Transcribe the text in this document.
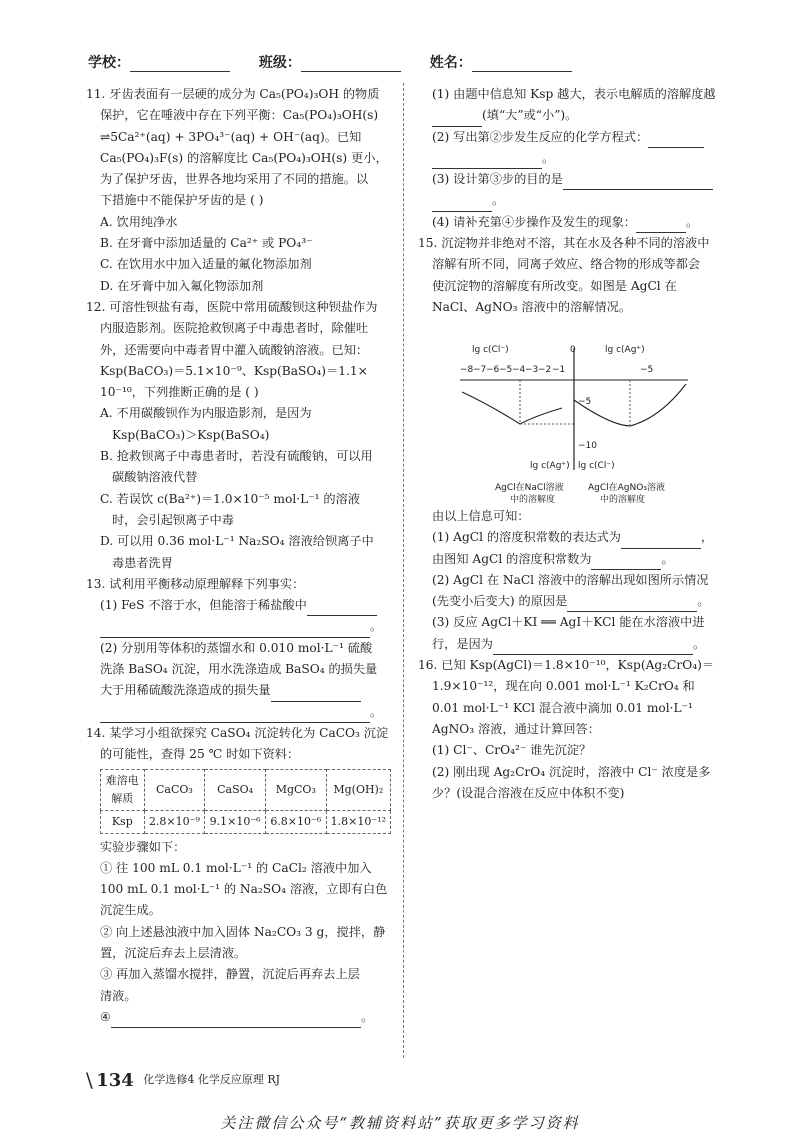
学校：	班级：	姓名：

11. 牙齿表面有一层硬的成分为 Ca₅(PO₄)₃OH 的物质

保护，它在唾液中存在下列平衡：Ca₅(PO₄)₃OH(s)

⇌5Ca²⁺(aq) + 3PO₄³⁻(aq) + OH⁻(aq)。已知

Ca₅(PO₄)₃F(s) 的溶解度比 Ca₅(PO₄)₃OH(s) 更小，

为了保护牙齿，世界各地均采用了不同的措施。以

下措施中不能保护牙齿的是 ( )

A. 饮用纯净水

B. 在牙膏中添加适量的 Ca²⁺ 或 PO₄³⁻

C. 在饮用水中加入适量的氟化物添加剂

D. 在牙膏中加入氟化物添加剂

12. 可溶性钡盐有毒，医院中常用硫酸钡这种钡盐作为

内服造影剂。医院抢救钡离子中毒患者时，除催吐

外，还需要向中毒者胃中灌入硫酸钠溶液。已知：

Ksp(BaCO₃)＝5.1×10⁻⁹、Ksp(BaSO₄)＝1.1×

10⁻¹⁰，下列推断正确的是 ( )

A. 不用碳酸钡作为内服造影剂，是因为

Ksp(BaCO₃)＞Ksp(BaSO₄)

B. 抢救钡离子中毒患者时，若没有硫酸钠，可以用

碳酸钠溶液代替

C. 若误饮 c(Ba²⁺)＝1.0×10⁻⁵ mol·L⁻¹ 的溶液

时，会引起钡离子中毒

D. 可以用 0.36 mol·L⁻¹ Na₂SO₄ 溶液给钡离子中

毒患者洗胃

13. 试利用平衡移动原理解释下列事实：

(1) FeS 不溶于水，但能溶于稀盐酸中

。

(2) 分别用等体积的蒸馏水和 0.010 mol·L⁻¹ 硫酸

洗涤 BaSO₄ 沉淀，用水洗涤造成 BaSO₄ 的损失量

大于用稀硫酸洗涤造成的损失量

。

14. 某学习小组欲探究 CaSO₄ 沉淀转化为 CaCO₃ 沉淀

的可能性，查得 25 ℃ 时如下资料：

难溶电解质	CaCO₃	CaSO₄	MgCO₃	Mg(OH)₂
Ksp	2.8×10⁻⁹	9.1×10⁻⁶	6.8×10⁻⁶	1.8×10⁻¹²

实验步骤如下：

① 往 100 mL 0.1 mol·L⁻¹ 的 CaCl₂ 溶液中加入

100 mL 0.1 mol·L⁻¹ 的 Na₂SO₄ 溶液，立即有白色

沉淀生成。

② 向上述悬浊液中加入固体 Na₂CO₃ 3 g，搅拌，静

置，沉淀后弃去上层清液。

③ 再加入蒸馏水搅拌，静置，沉淀后再弃去上层

清液。

④	。

(1) 由题中信息知 Ksp 越大，表示电解质的溶解度越

(填“大”或“小”)。

(2) 写出第②步发生反应的化学方程式：

。

(3) 设计第③步的目的是

。

(4) 请补充第④步操作及发生的现象：	。

15. 沉淀物并非绝对不溶，其在水及各种不同的溶液中

溶解有所不同，同离子效应、络合物的形成等都会

使沉淀物的溶解度有所改变。如图是 AgCl 在

NaCl、AgNO₃ 溶液中的溶解情况。

lg c(Cl⁻)	lg c(Ag⁺)
0
−8 −7 −6 −5 −4 −3 −2 −1	−5
−5
−10
lg c(Ag⁺) lg c(Cl⁻)
AgCl在NaCl溶液
中的溶解度
AgCl在AgNO₃溶液
中的溶解度

由以上信息可知：

(1) AgCl 的溶度积常数的表达式为	，

由图知 AgCl 的溶度积常数为	。

(2) AgCl 在 NaCl 溶液中的溶解出现如图所示情况

(先变小后变大) 的原因是	。

(3) 反应 AgCl＋KI ══ AgI＋KCl 能在水溶液中进

行，是因为	。

16. 已知 Ksp(AgCl)＝1.8×10⁻¹⁰，Ksp(Ag₂CrO₄)＝

1.9×10⁻¹²，现在向 0.001 mol·L⁻¹ K₂CrO₄ 和

0.01 mol·L⁻¹ KCl 混合液中滴加 0.01 mol·L⁻¹

AgNO₃ 溶液，通过计算回答：

(1) Cl⁻、CrO₄²⁻ 谁先沉淀？

(2) 刚出现 Ag₂CrO₄ 沉淀时，溶液中 Cl⁻ 浓度是多

少？(设混合溶液在反应中体积不变)

\ 134 化学选修4 化学反应原理 RJ
关注微信公众号“教辅资料站”获取更多学习资料
